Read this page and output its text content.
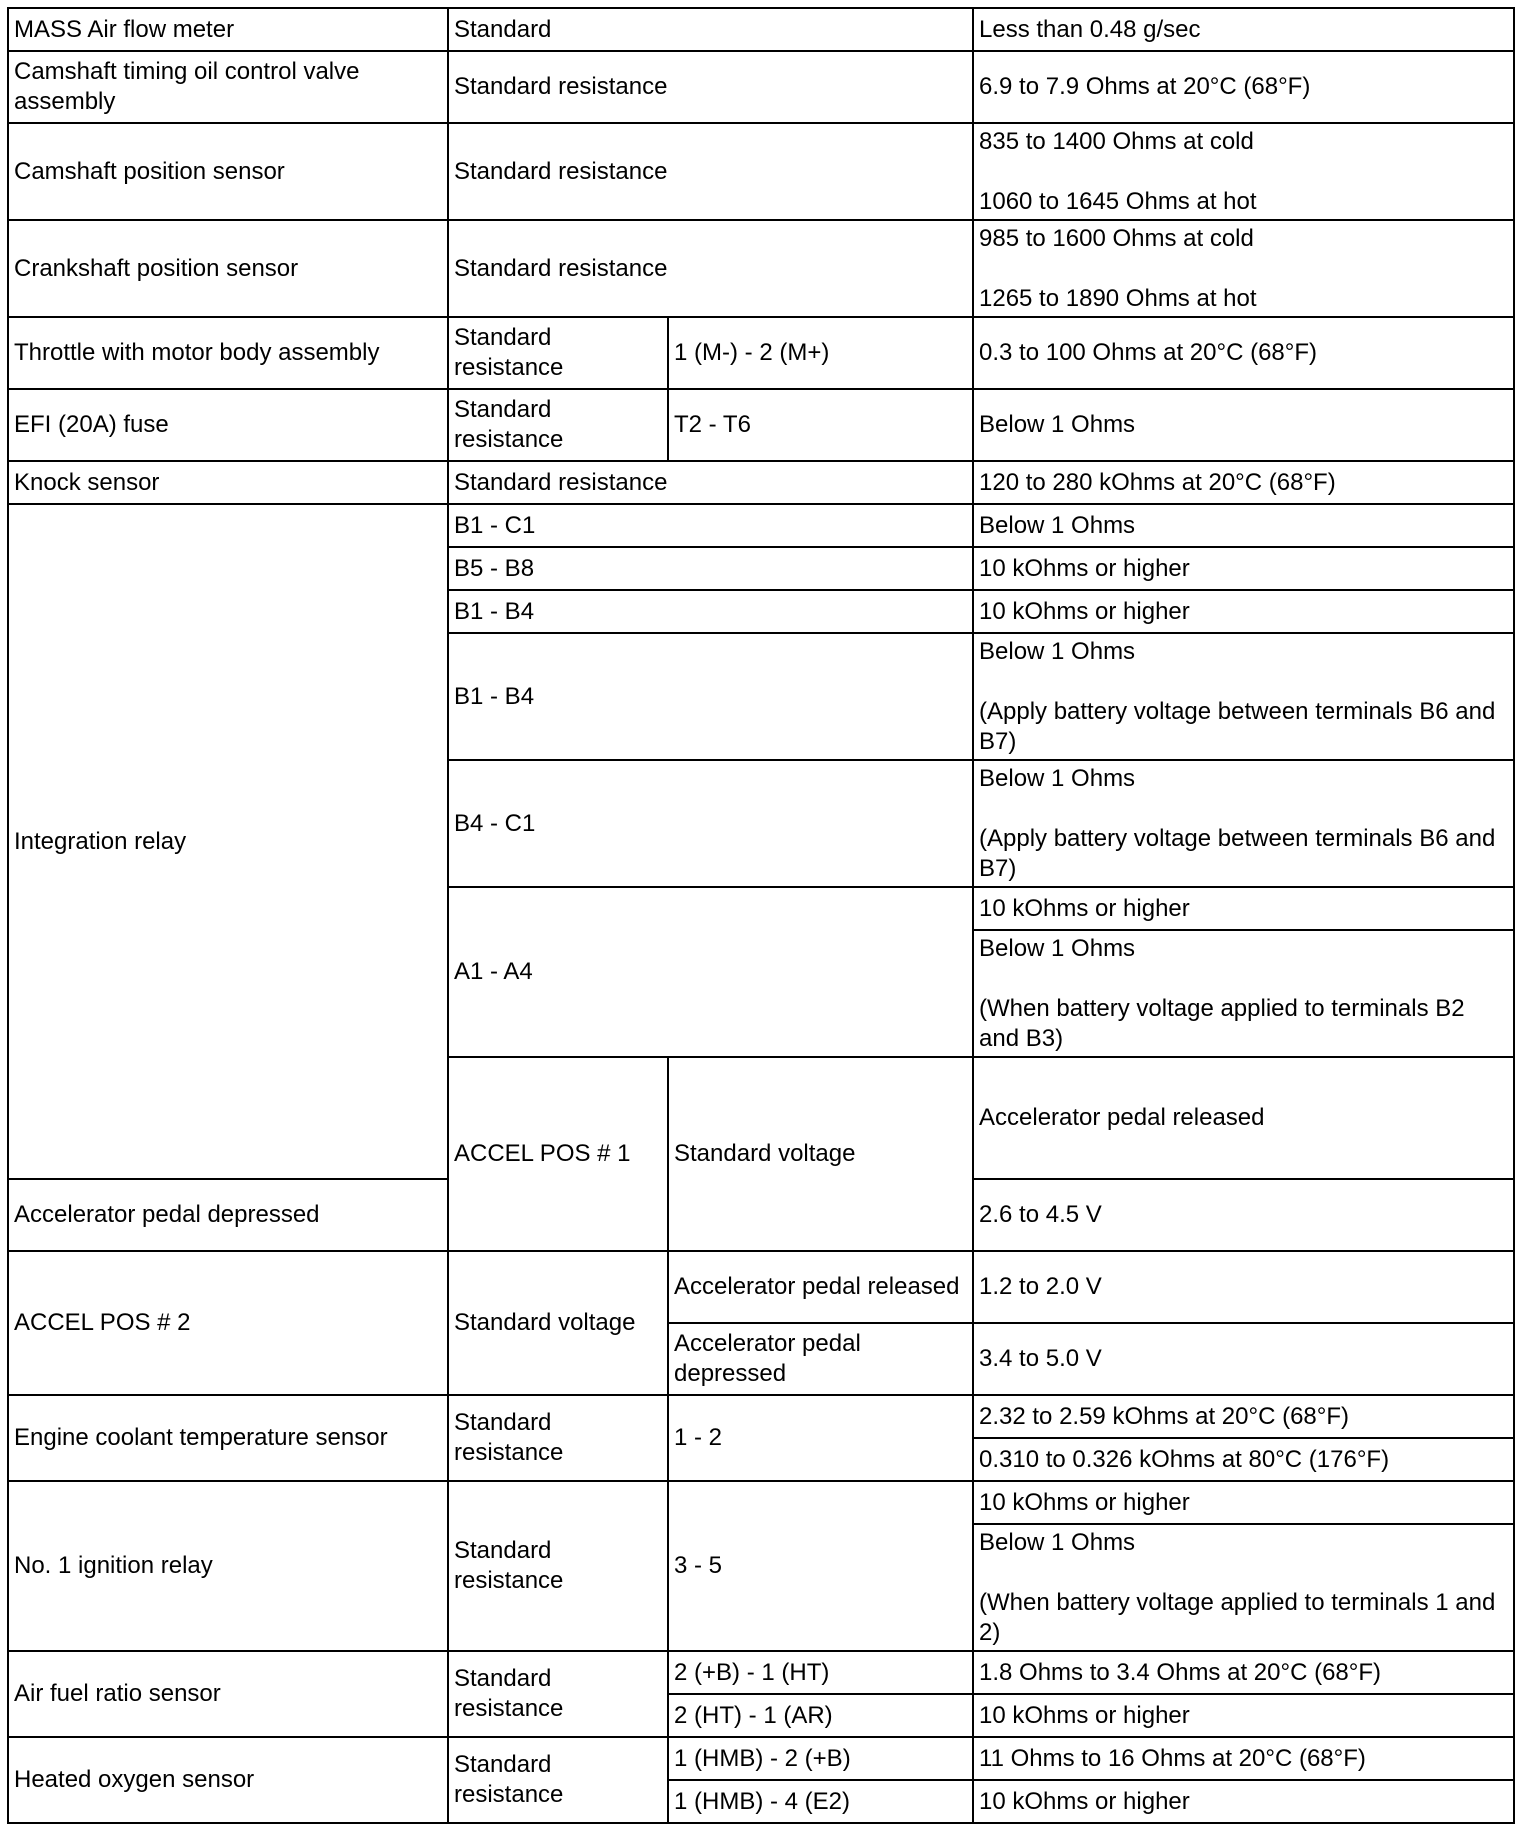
MASS Air flow meter	Standard		Less than 0.48 g/sec	
Camshaft timing oil control valve assembly	Standard resistance		6.9 to 7.9 Ohms at 20°C (68°F)	
Camshaft position sensor	Standard resistance		835 to 1400 Ohms at cold

1060 to 1645 Ohms at hot	
Crankshaft position sensor	Standard resistance		985 to 1600 Ohms at cold

1265 to 1890 Ohms at hot	
Throttle with motor body assembly	Standard resistance	1 (M-) - 2 (M+)	0.3 to 100 Ohms at 20°C (68°F)	
EFI (20A) fuse	Standard resistance	T2 - T6	Below 1 Ohms	
Knock sensor	Standard resistance		120 to 280 kOhms at 20°C (68°F)	
Integration relay	B1 - C1		Below 1 Ohms	
	B5 - B8		10 kOhms or higher	
	B1 - B4		10 kOhms or higher	
	B1 - B4		Below 1 Ohms

(Apply battery voltage between terminals B6 and B7)	
	B4 - C1		Below 1 Ohms

(Apply battery voltage between terminals B6 and B7)	
	A1 - A4		10 kOhms or higher	
			Below 1 Ohms

(When battery voltage applied to terminals B2 and B3)	
	ACCEL POS # 1	Standard voltage	Accelerator pedal released	
Accelerator pedal depressed			2.6 to 4.5 V	
ACCEL POS # 2	Standard voltage	Accelerator pedal released	1.2 to 2.0 V	
		Accelerator pedal depressed	3.4 to 5.0 V	
Engine coolant temperature sensor	Standard resistance	1 - 2	2.32 to 2.59 kOhms at 20°C (68°F)	
			0.310 to 0.326 kOhms at 80°C (176°F)	
No. 1 ignition relay	Standard resistance	3 - 5	10 kOhms or higher	
			Below 1 Ohms

(When battery voltage applied to terminals 1 and 2)	
Air fuel ratio sensor	Standard resistance	2 (+B) - 1 (HT)	1.8 Ohms to 3.4 Ohms at 20°C (68°F)	
		2 (HT) - 1 (AR)	10 kOhms or higher	
Heated oxygen sensor	Standard resistance	1 (HMB) - 2 (+B)	11 Ohms to 16 Ohms at 20°C (68°F)	
		1 (HMB) - 4 (E2)	10 kOhms or higher	
